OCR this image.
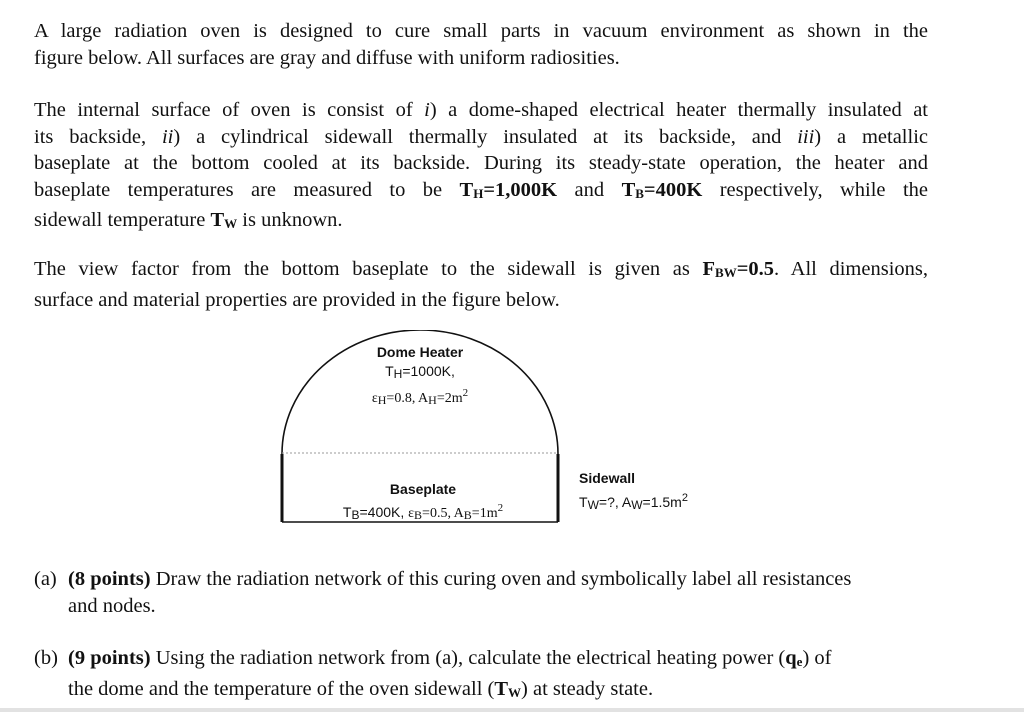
A large radiation oven is designed to cure small parts in vacuum environment as shown in the
figure below. All surfaces are gray and diffuse with uniform radiosities.
The internal surface of oven is consist of i) a dome-shaped electrical heater thermally insulated at
its backside, ii) a cylindrical sidewall thermally insulated at its backside, and iii) a metallic
baseplate at the bottom cooled at its backside. During its steady-state operation, the heater and
baseplate temperatures are measured to be $T_H=1,000K$ and $T_B=400K$ respectively, while the
sidewall temperature $T_W$ is unknown.
The view factor from the bottom baseplate to the sidewall is given as $F_{BW}=0.5$. All dimensions,
surface and material properties are provided in the figure below.
Dome Heater
$T_H=1000K$,
$\varepsilon_H=0.8$, $A_H=2m^2$
Baseplate
$T_B=400K$, $\varepsilon_B=0.5$, $A_B=1m^2$
Sidewall
$T_W=$?, $A_W=1.5m^2$
(a) (8 points) Draw the radiation network of this curing oven and symbolically label all resistances
and nodes.
(b) (9 points) Using the radiation network from (a), calculate the electrical heating power $(q_e)$ of
the dome and the temperature of the oven sidewall $(T_W)$ at steady state.
